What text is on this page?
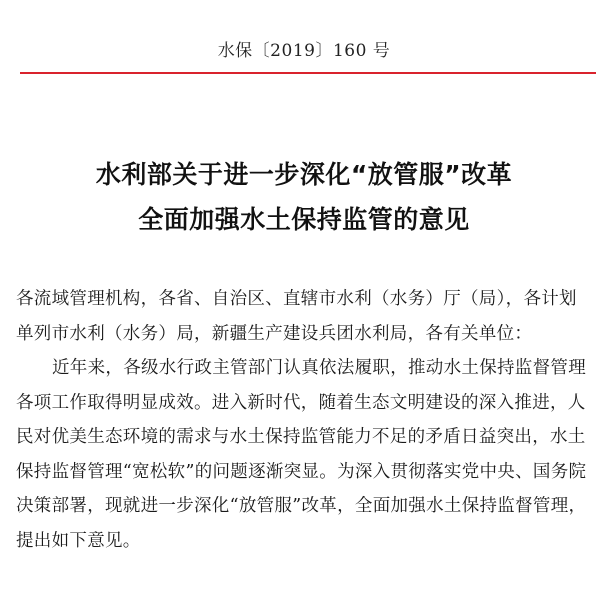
水保〔2019〕160 号
水利部关于进一步深化“放管服”改革
全面加强水土保持监管的意见

各流域管理机构，各省、自治区、直辖市水利（水务）厅（局），各计划单列市水利（水务）局，新疆生产建设兵团水利局，各有关单位：

近年来，各级水行政主管部门认真依法履职，推动水土保持监督管理各项工作取得明显成效。进入新时代，随着生态文明建设的深入推进，人民对优美生态环境的需求与水土保持监管能力不足的矛盾日益突出，水土保持监督管理“宽松软”的问题逐渐突显。为深入贯彻落实党中央、国务院决策部署，现就进一步深化“放管服”改革，全面加强水土保持监督管理，提出如下意见。
